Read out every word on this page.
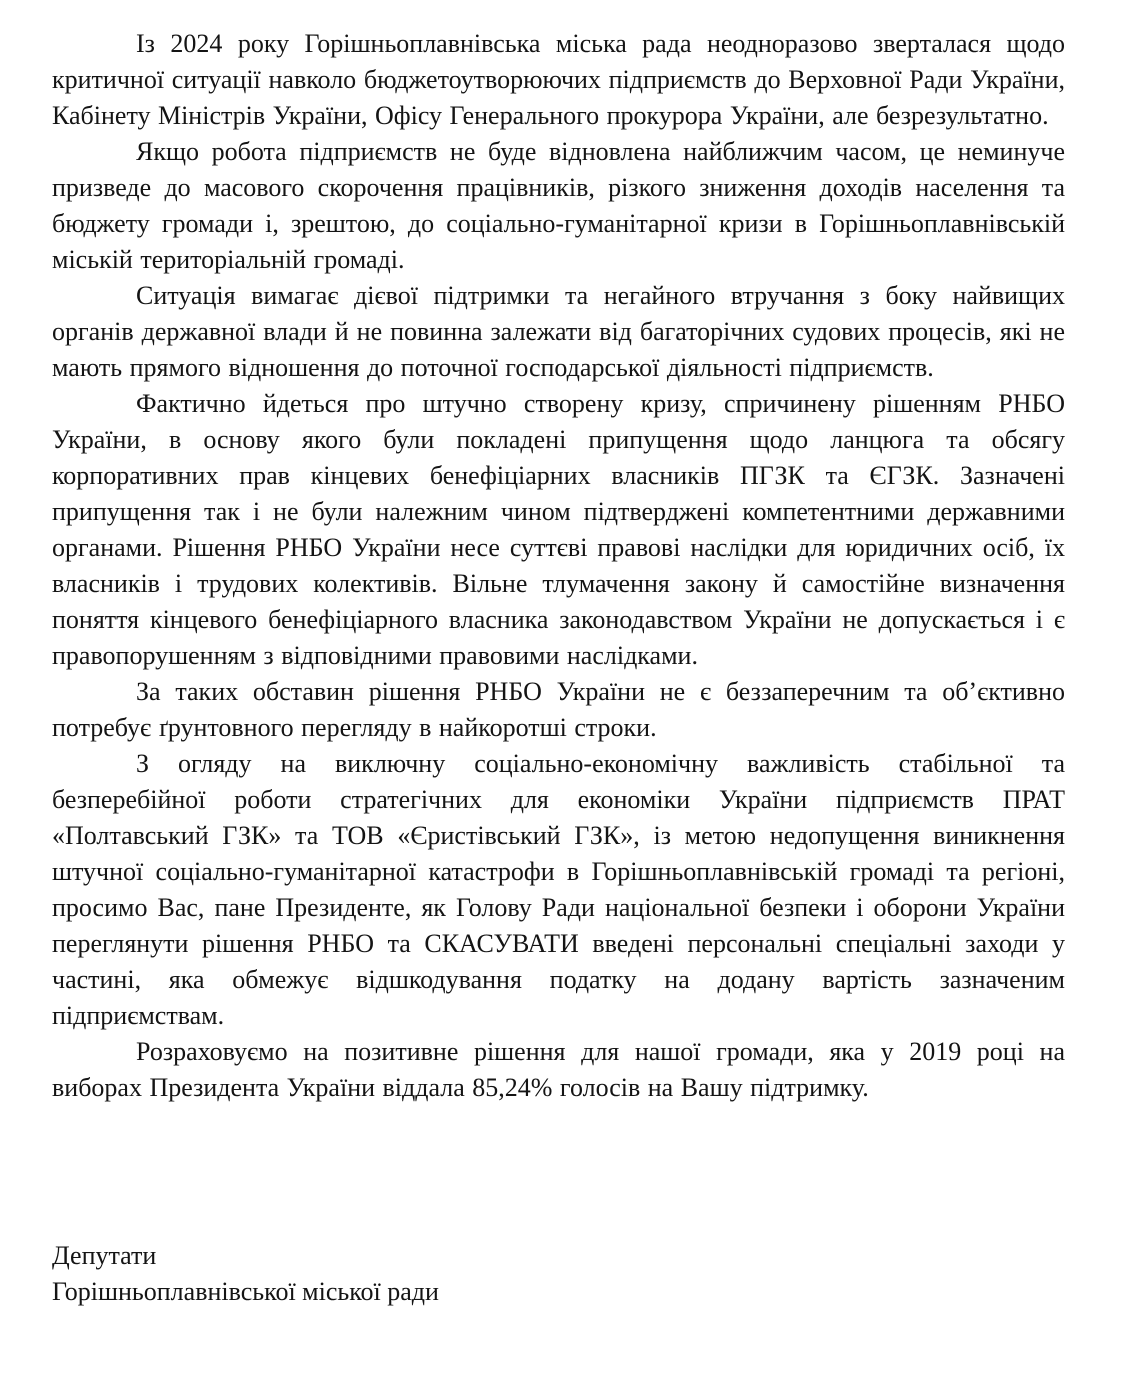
Із 2024 року Горішньоплавнівська міська рада неодноразово зверталася щодо критичної ситуації навколо бюджетоутворюючих підприємств до Верховної Ради України, Кабінету Міністрів України, Офісу Генерального прокурора України, але безрезультатно.

Якщо робота підприємств не буде відновлена найближчим часом, це неминуче призведе до масового скорочення працівників, різкого зниження доходів населення та бюджету громади і, зрештою, до соціально-гуманітарної кризи в Горішньоплавнівській міській територіальній громаді.

Ситуація вимагає дієвої підтримки та негайного втручання з боку найвищих органів державної влади й не повинна залежати від багаторічних судових процесів, які не мають прямого відношення до поточної господарської діяльності підприємств.

Фактично йдеться про штучно створену кризу, спричинену рішенням РНБО України, в основу якого були покладені припущення щодо ланцюга та обсягу корпоративних прав кінцевих бенефіціарних власників ПГЗК та ЄГЗК. Зазначені припущення так і не були належним чином підтверджені компетентними державними органами. Рішення РНБО України несе суттєві правові наслідки для юридичних осіб, їх власників і трудових колективів. Вільне тлумачення закону й самостійне визначення поняття кінцевого бенефіціарного власника законодавством України не допускається і є правопорушенням з відповідними правовими наслідками.

За таких обставин рішення РНБО України не є беззаперечним та об’єктивно потребує ґрунтовного перегляду в найкоротші строки.

З огляду на виключну соціально-економічну важливість стабільної та безперебійної роботи стратегічних для економіки України підприємств ПРАТ «Полтавський ГЗК» та ТОВ «Єристівський ГЗК», із метою недопущення виникнення штучної соціально-гуманітарної катастрофи в Горішньоплавнівській громаді та регіоні, просимо Вас, пане Президенте, як Голову Ради національної безпеки і оборони України переглянути рішення РНБО та СКАСУВАТИ введені персональні спеціальні заходи у частині, яка обмежує відшкодування податку на додану вартість зазначеним підприємствам.

Розраховуємо на позитивне рішення для нашої громади, яка у 2019 році на виборах Президента України віддала 85,24% голосів на Вашу підтримку.

Депутати
Горішньоплавнівської міської ради
